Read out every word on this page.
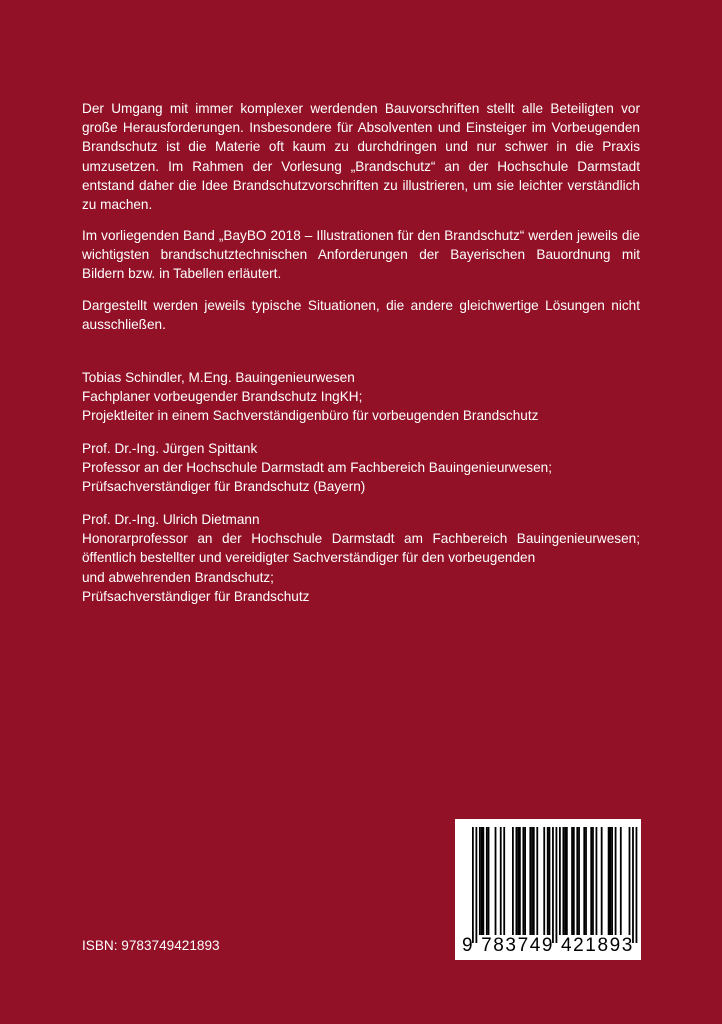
Der Umgang mit immer komplexer werdenden Bauvorschriften stellt alle Beteiligten vor große Herausforderungen. Insbesondere für Absolventen und Einsteiger im Vorbeugenden Brandschutz ist die Materie oft kaum zu durchdringen und nur schwer in die Praxis umzusetzen. Im Rahmen der Vorlesung „Brandschutz“ an der Hochschule Darmstadt entstand daher die Idee Brandschutzvorschriften zu illustrieren, um sie leichter verständlich zu machen.

Im vorliegenden Band „BayBO 2018 – Illustrationen für den Brandschutz“ werden jeweils die wichtigsten brandschutztechnischen Anforderungen der Bayerischen Bauordnung mit Bildern bzw. in Tabellen erläutert.

Dargestellt werden jeweils typische Situationen, die andere gleichwertige Lösungen nicht ausschließen.

Tobias Schindler, M.Eng. Bauingenieurwesen
Fachplaner vorbeugender Brandschutz IngKH;
Projektleiter in einem Sachverständigenbüro für vorbeugenden Brandschutz
Prof. Dr.-Ing. Jürgen Spittank
Professor an der Hochschule Darmstadt am Fachbereich Bauingenieurwesen;
Prüfsachverständiger für Brandschutz (Bayern)
Prof. Dr.-Ing. Ulrich Dietmann
Honorarprofessor an der Hochschule Darmstadt am Fachbereich Bauingenieurwesen;
öffentlich bestellter und vereidigter Sachverständiger für den vorbeugenden
und abwehrenden Brandschutz;
Prüfsachverständiger für Brandschutz

ISBN: 9783749421893	9 783749 421893
